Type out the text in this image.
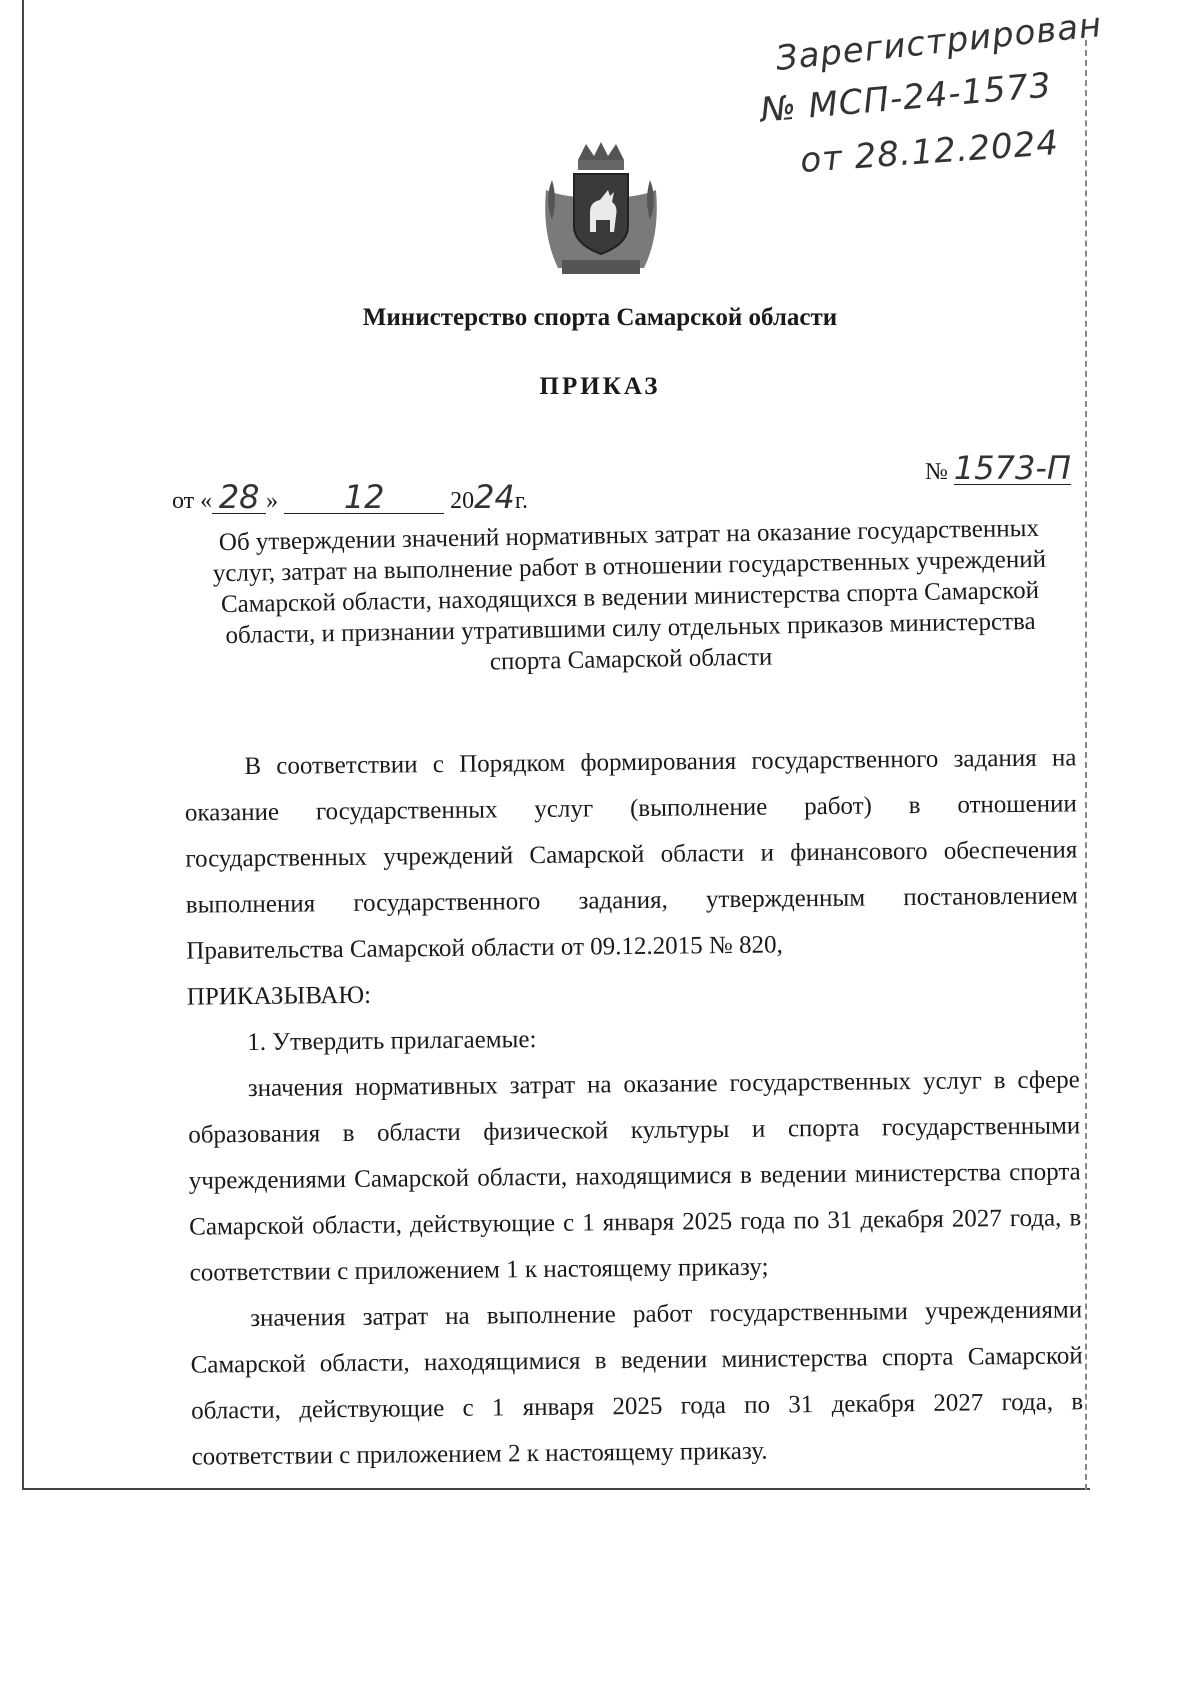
Зарегистрирован
№ МСП-24-1573
от 28.12.2024
Министерство спорта Самарской области
ПРИКАЗ
от « 28 » 12	2024г.
№ 1573-П
Об утверждении значений нормативных затрат на оказание государственных услуг, затрат на выполнение работ в отношении государственных учреждений Самарской области, находящихся в ведении министерства спорта Самарской области, и признании утратившими силу отдельных приказов министерства спорта Самарской области

В соответствии с Порядком формирования государственного задания на оказание государственных услуг (выполнение работ) в отношении государственных учреждений Самарской области и финансового обеспечения выполнения государственного задания, утвержденным постановлением Правительства Самарской области от 09.12.2015 № 820,

ПРИКАЗЫВАЮ:

1. Утвердить прилагаемые:

значения нормативных затрат на оказание государственных услуг в сфере образования в области физической культуры и спорта государственными учреждениями Самарской области, находящимися в ведении министерства спорта Самарской области, действующие с 1 января 2025 года по 31 декабря 2027 года, в соответствии с приложением 1 к настоящему приказу;

значения затрат на выполнение работ государственными учреждениями Самарской области, находящимися в ведении министерства спорта Самарской области, действующие с 1 января 2025 года по 31 декабря 2027 года, в соответствии с приложением 2 к настоящему приказу.
